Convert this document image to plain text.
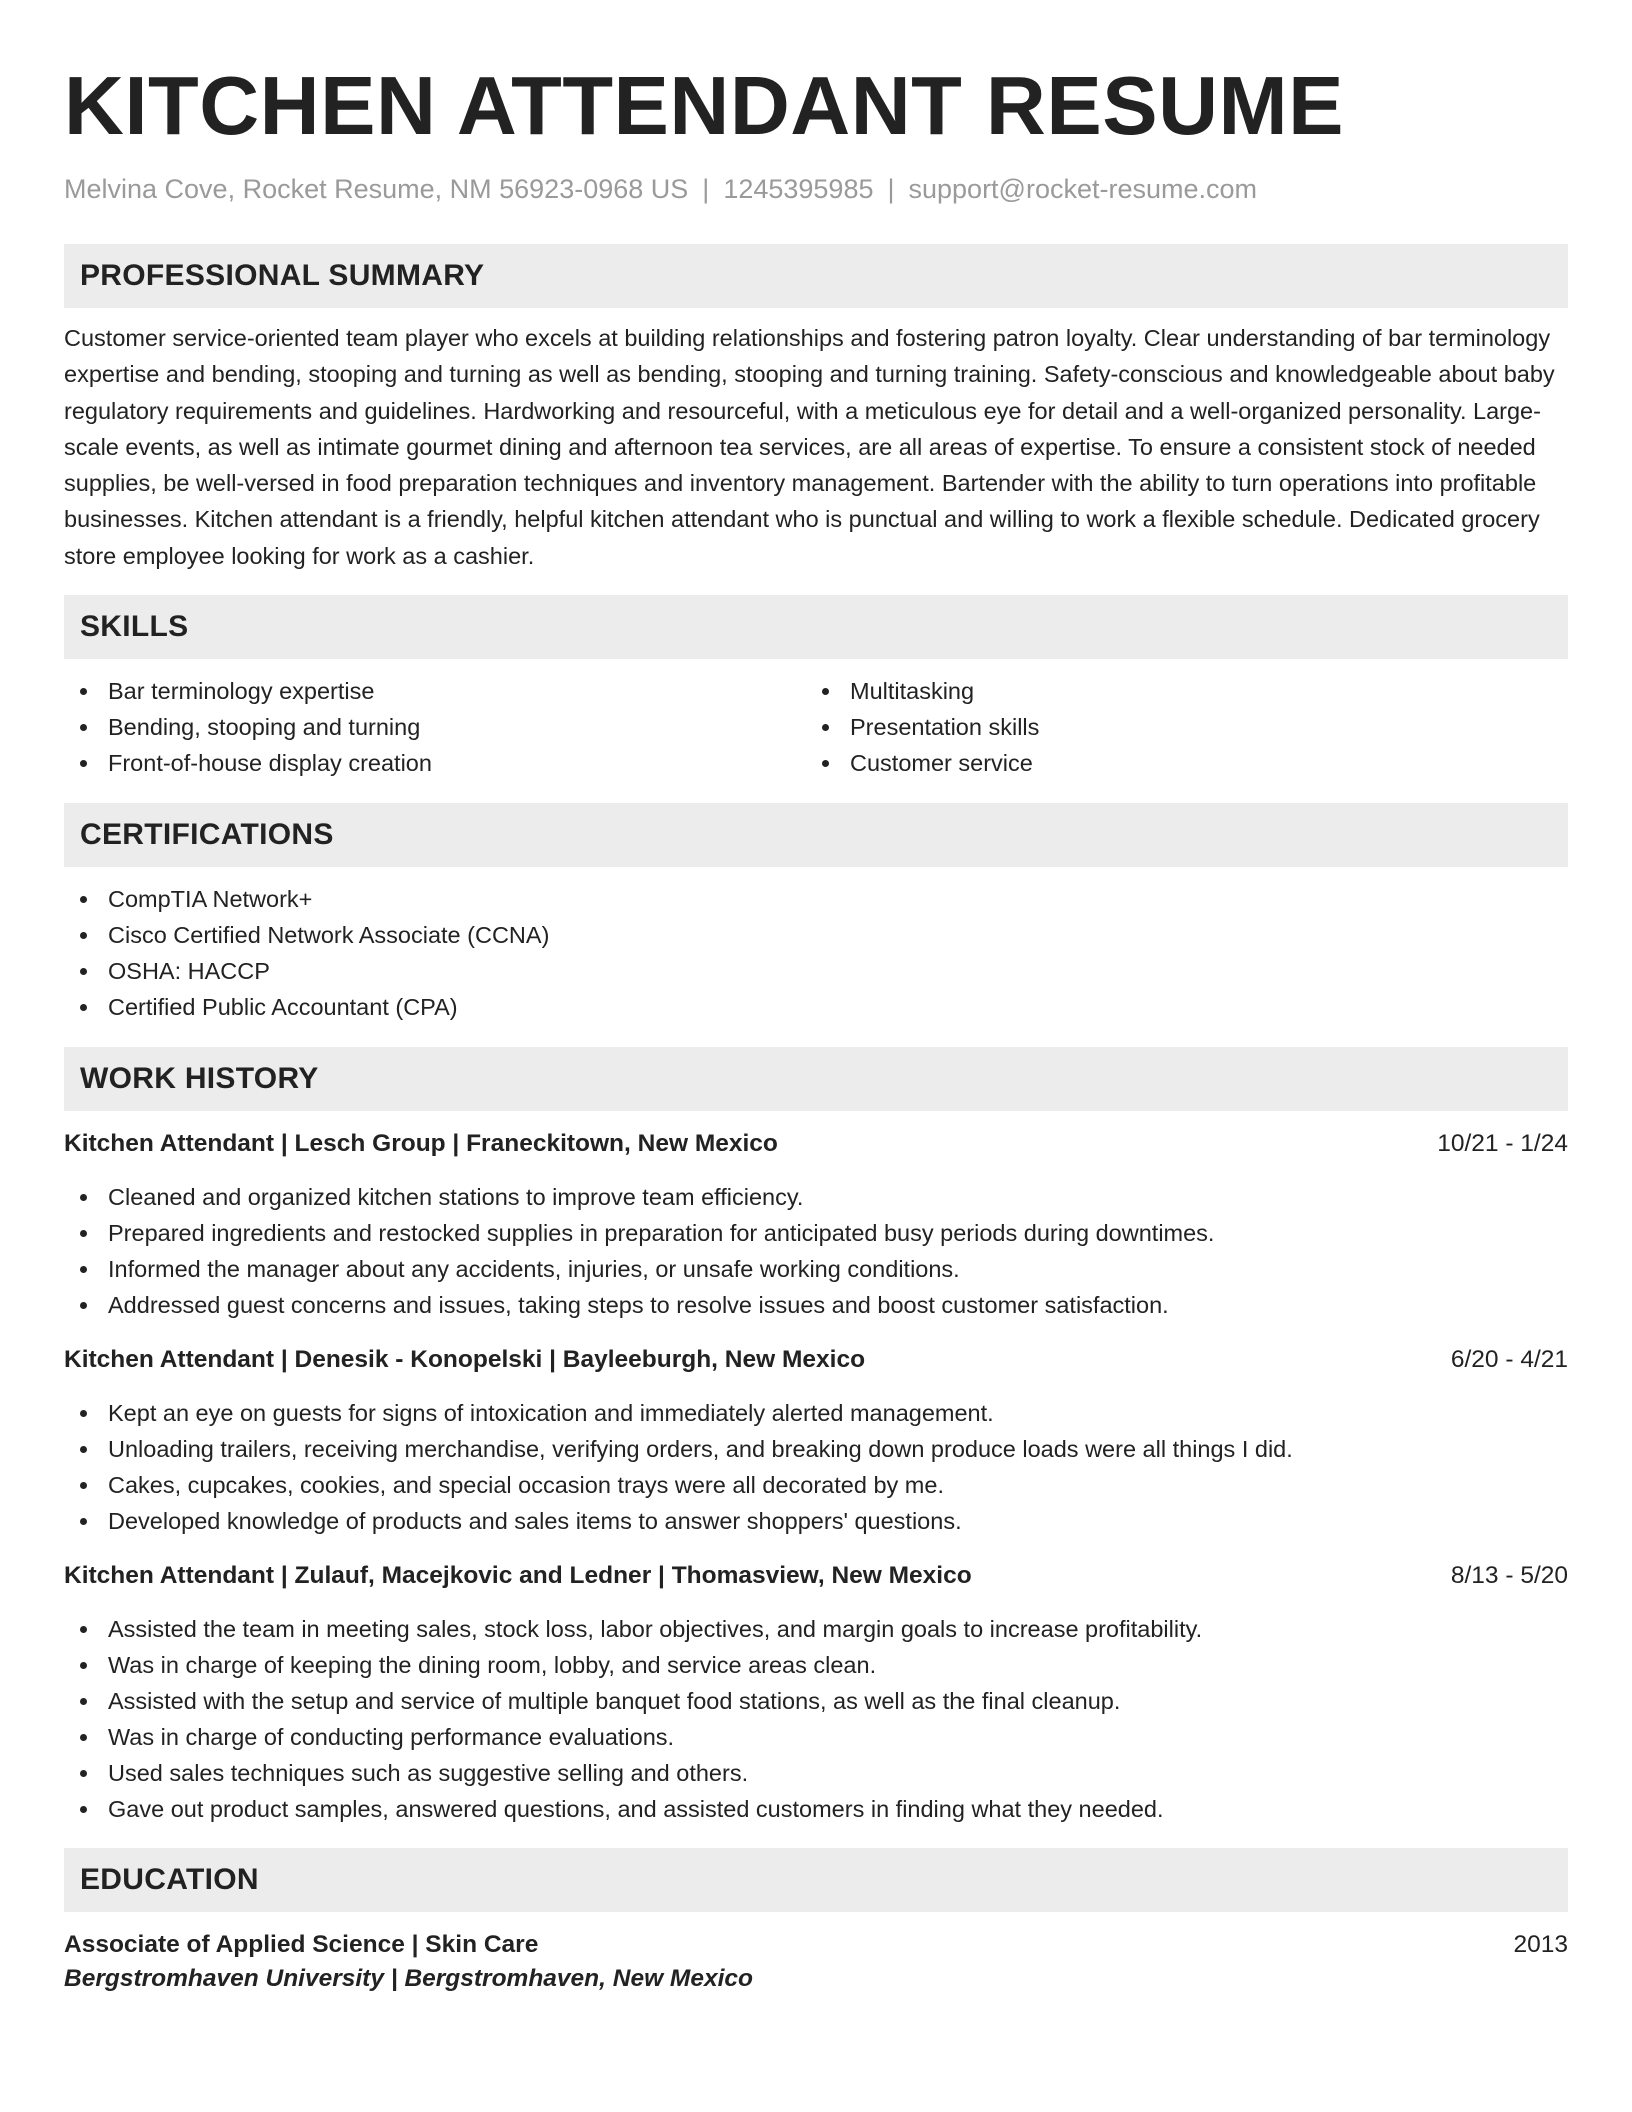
KITCHEN ATTENDANT RESUME
Melvina Cove, Rocket Resume, NM 56923-0968 US | 1245395985 | support@rocket-resume.com
PROFESSIONAL SUMMARY

Customer service-oriented team player who excels at building relationships and fostering patron loyalty. Clear understanding of bar terminology expertise and bending, stooping and turning as well as bending, stooping and turning training. Safety-conscious and knowledgeable about baby regulatory requirements and guidelines. Hardworking and resourceful, with a meticulous eye for detail and a well-organized personality. Large-scale events, as well as intimate gourmet dining and afternoon tea services, are all areas of expertise. To ensure a consistent stock of needed supplies, be well-versed in food preparation techniques and inventory management. Bartender with the ability to turn operations into profitable businesses. Kitchen attendant is a friendly, helpful kitchen attendant who is punctual and willing to work a flexible schedule. Dedicated grocery store employee looking for work as a cashier.

SKILLS
Bar terminology expertise
Bending, stooping and turning
Front-of-house display creation
Multitasking
Presentation skills
Customer service
CERTIFICATIONS
CompTIA Network+
Cisco Certified Network Associate (CCNA)
OSHA: HACCP
Certified Public Accountant (CPA)
WORK HISTORY
Kitchen Attendant | Lesch Group | Franeckitown, New Mexico	10/21 - 1/24
Cleaned and organized kitchen stations to improve team efficiency.
Prepared ingredients and restocked supplies in preparation for anticipated busy periods during downtimes.
Informed the manager about any accidents, injuries, or unsafe working conditions.
Addressed guest concerns and issues, taking steps to resolve issues and boost customer satisfaction.
Kitchen Attendant | Denesik - Konopelski | Bayleeburgh, New Mexico	6/20 - 4/21
Kept an eye on guests for signs of intoxication and immediately alerted management.
Unloading trailers, receiving merchandise, verifying orders, and breaking down produce loads were all things I did.
Cakes, cupcakes, cookies, and special occasion trays were all decorated by me.
Developed knowledge of products and sales items to answer shoppers' questions.
Kitchen Attendant | Zulauf, Macejkovic and Ledner | Thomasview, New Mexico	8/13 - 5/20
Assisted the team in meeting sales, stock loss, labor objectives, and margin goals to increase profitability.
Was in charge of keeping the dining room, lobby, and service areas clean.
Assisted with the setup and service of multiple banquet food stations, as well as the final cleanup.
Was in charge of conducting performance evaluations.
Used sales techniques such as suggestive selling and others.
Gave out product samples, answered questions, and assisted customers in finding what they needed.
EDUCATION
Associate of Applied Science | Skin Care	2013
Bergstromhaven University | Bergstromhaven, New Mexico
